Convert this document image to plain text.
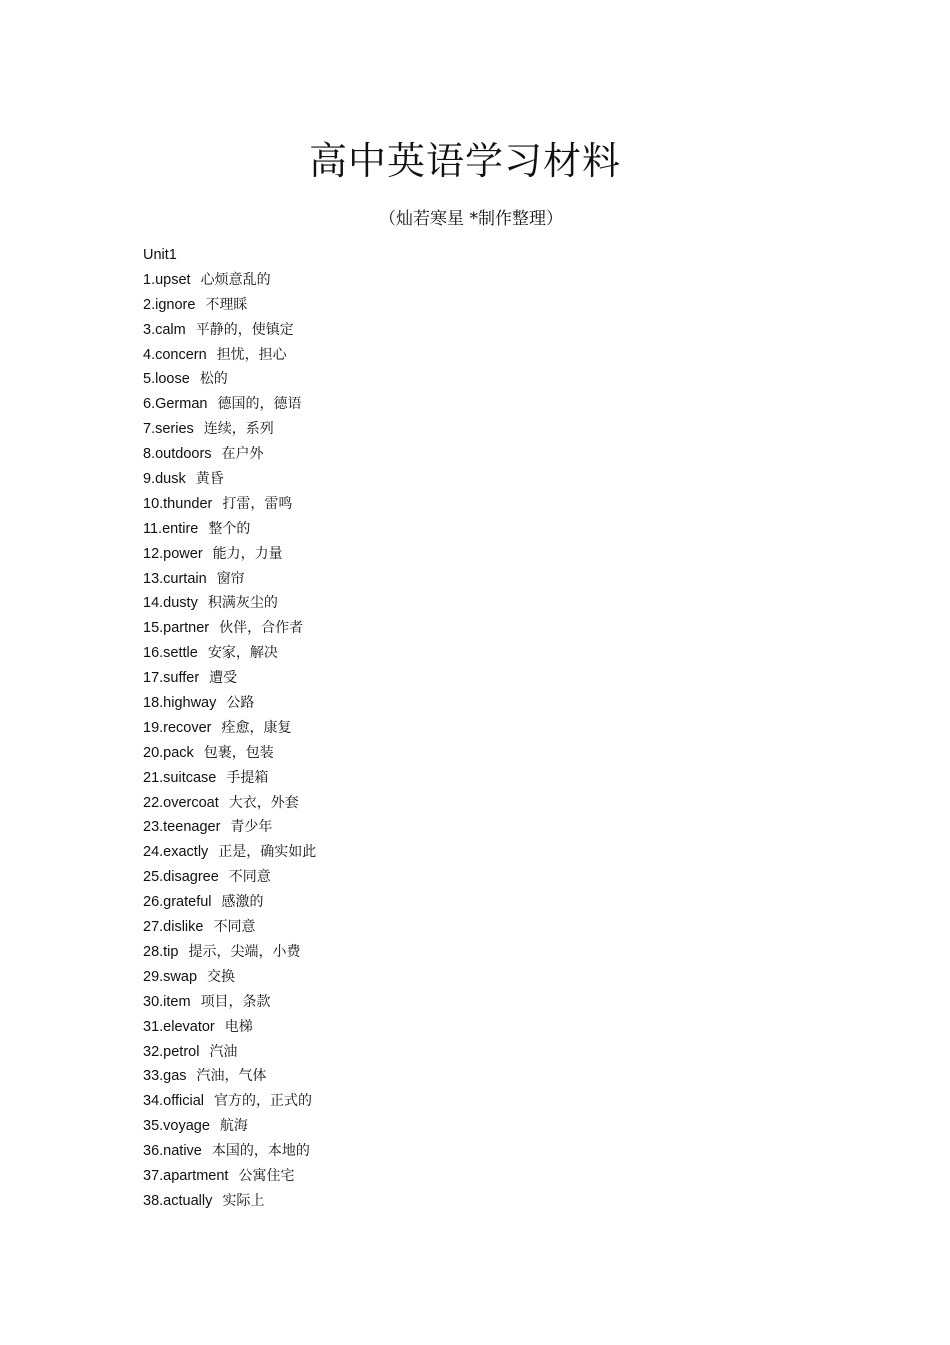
高中英语学习材料
（灿若寒星 *制作整理）
Unit1
1.upset 心烦意乱的
2.ignore 不理睬
3.calm 平静的，使镇定
4.concern 担忧，担心
5.loose 松的
6.German 德国的，德语
7.series 连续，系列
8.outdoors 在户外
9.dusk 黄昏
10.thunder 打雷，雷鸣
11.entire 整个的
12.power 能力，力量
13.curtain 窗帘
14.dusty 积满灰尘的
15.partner 伙伴，合作者
16.settle 安家，解决
17.suffer 遭受
18.highway 公路
19.recover 痊愈，康复
20.pack 包裹，包装
21.suitcase 手提箱
22.overcoat 大衣，外套
23.teenager 青少年
24.exactly 正是，确实如此
25.disagree 不同意
26.grateful 感激的
27.dislike 不同意
28.tip 提示，尖端，小费
29.swap 交换
30.item 项目，条款
31.elevator 电梯
32.petrol 汽油
33.gas 汽油，气体
34.official 官方的，正式的
35.voyage 航海
36.native 本国的，本地的
37.apartment 公寓住宅
38.actually 实际上
